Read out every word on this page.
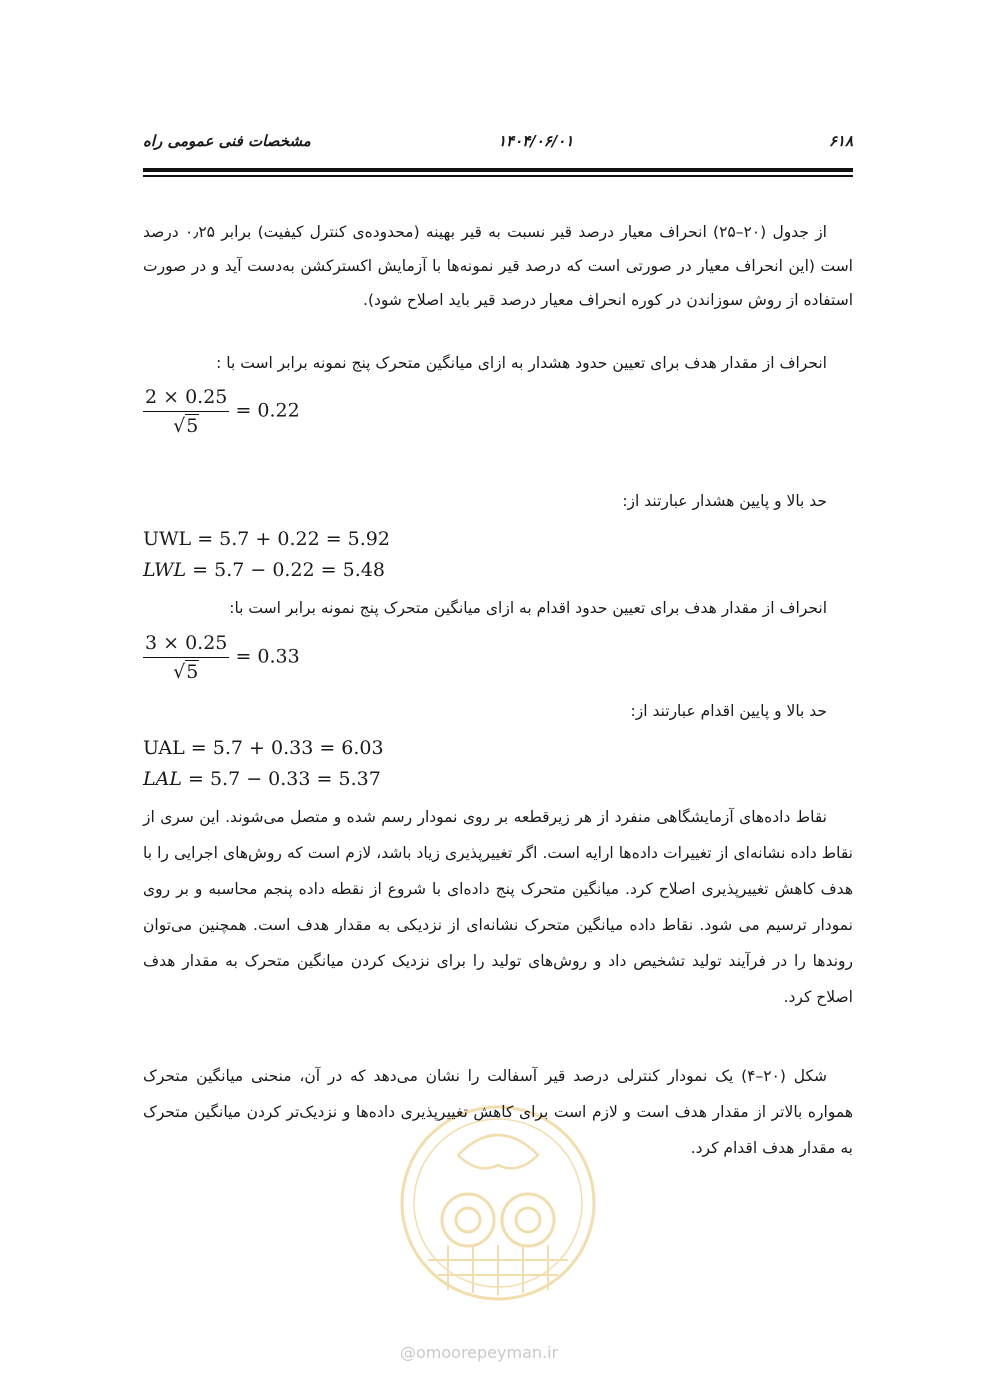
۶۱۸
۱۴۰۴/۰۶/۰۱
مشخصات فنی عمومی راه
@omoorepeyman.ir

از جدول (۲۰–۲۵) انحراف معیار درصد قیر نسبت به قیر بهینه (محدوده‌ی کنترل کیفیت) برابر ۰٫۲۵ درصد است (این انحراف معیار در صورتی است که درصد قیر نمونه‌ها با آزمایش اکسترکشن به‌دست آید و در صورت استفاده از روش سوزاندن در کوره انحراف معیار درصد قیر باید اصلاح شود).

انحراف از مقدار هدف برای تعیین حدود هشدار به ازای میانگین متحرک پنج نمونه برابر است با :

$\frac{2 \times 0.25}{√5} = 0.22$

حد بالا و پایین هشدار عبارتند از:

UWL = 5.7 + 0.22 = 5.92
LWL = 5.7 − 0.22 = 5.48

انحراف از مقدار هدف برای تعیین حدود اقدام به ازای میانگین متحرک پنج نمونه برابر است با:

$\frac{3 \times 0.25}{√5} = 0.33$

حد بالا و پایین اقدام عبارتند از:

UAL = 5.7 + 0.33 = 6.03
LAL = 5.7 − 0.33 = 5.37

نقاط داده‌های آزمایشگاهی منفرد از هر زیرقطعه بر روی نمودار رسم شده و متصل می‌شوند. این سری از نقاط داده نشانه‌ای از تغییرات داده‌ها ارایه است. اگر تغییرپذیری زیاد باشد، لازم است که روش‌های اجرایی را با هدف کاهش تغییرپذیری اصلاح کرد. میانگین متحرک پنج داده‌ای با شروع از نقطه داده پنجم محاسبه و بر روی نمودار ترسیم می شود. نقاط داده میانگین متحرک نشانه‌ای از نزدیکی به مقدار هدف است. همچنین می‌توان روندها را در فرآیند تولید تشخیص داد و روش‌های تولید را برای نزدیک کردن میانگین متحرک به مقدار هدف اصلاح کرد.

شکل (۲۰–۴) یک نمودار کنترلی درصد قیر آسفالت را نشان می‌دهد که در آن، منحنی میانگین متحرک همواره بالاتر از مقدار هدف است و لازم است برای کاهش تغییرپذیری داده‌ها و نزدیک‌تر کردن میانگین متحرک به مقدار هدف اقدام کرد.
